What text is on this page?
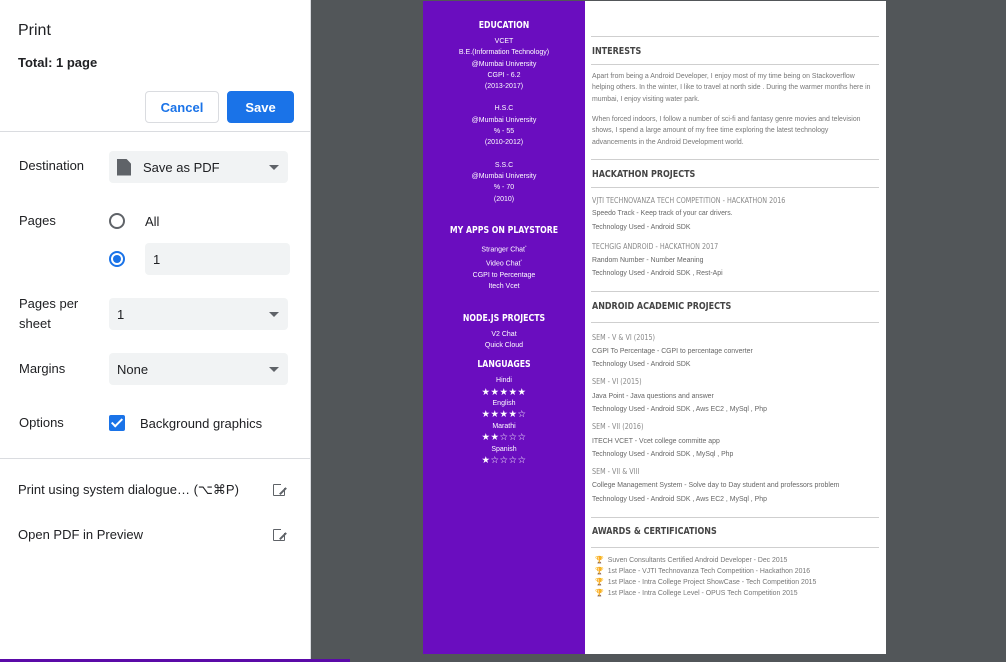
Print
Total: 1 page
Cancel	Save
Destination	Save as PDF
Pages	All
1
Pages per sheet
1
Margins	None
Options	Background graphics
Print using system dialogue… (⌥⌘P)
Open PDF in Preview
EDUCATION
VCET
B.E.(Information Technology)
@Mumbai University
CGPI - 6.2
(2013-2017)
H.S.C
@Mumbai University
% - 55
(2010-2012)
S.S.C
@Mumbai University
% - 70
(2010)
MY APPS ON PLAYSTORE
Stranger Chat*
Video Chat*
CGPI to Percentage
Itech Vcet
NODE.JS PROJECTS
V2 Chat
Quick Cloud
LANGUAGES
Hindi
★★★★★
English
★★★★☆
Marathi
★★☆☆☆
Spanish
★☆☆☆☆
INTERESTS
Apart from being a Android Developer, I enjoy most of my time being on Stackoverflow helping others. In the winter, I like to travel at north side . During the warmer months here in mumbai, I enjoy visiting water park.
When forced indoors, I follow a number of sci-fi and fantasy genre movies and television shows, I spend a large amount of my free time exploring the latest technology advancements in the Android Development world.
HACKATHON PROJECTS
VJTI TECHNOVANZA TECH COMPETITION - HACKATHON 2016
Speedo Track - Keep track of your car drivers.
Technology Used - Android SDK
TECHGIG ANDROID - HACKATHON 2017
Random Number - Number Meaning
Technology Used - Android SDK , Rest-Api
ANDROID ACADEMIC PROJECTS
SEM - V & VI (2015)
CGPI To Percentage - CGPI to percentage converter
Technology Used - Android SDK
SEM - VI (2015)
Java Point - Java questions and answer
Technology Used - Android SDK , Aws EC2 , MySql , Php
SEM - VII (2016)
ITECH VCET - Vcet college committe app
Technology Used - Android SDK , MySql , Php
SEM - VII & VIII
College Management System - Solve day to Day student and professors problem
Technology Used - Android SDK , Aws EC2 , MySql , Php
AWARDS & CERTIFICATIONS
🏆 Suven Consultants Certified Android Developer - Dec 2015
🏆 1st Place - VJTI Technovanza Tech Competition - Hackathon 2016
🏆 1st Place - Intra College Project ShowCase - Tech Competition 2015
🏆 1st Place - Intra College Level - OPUS Tech Competition 2015
